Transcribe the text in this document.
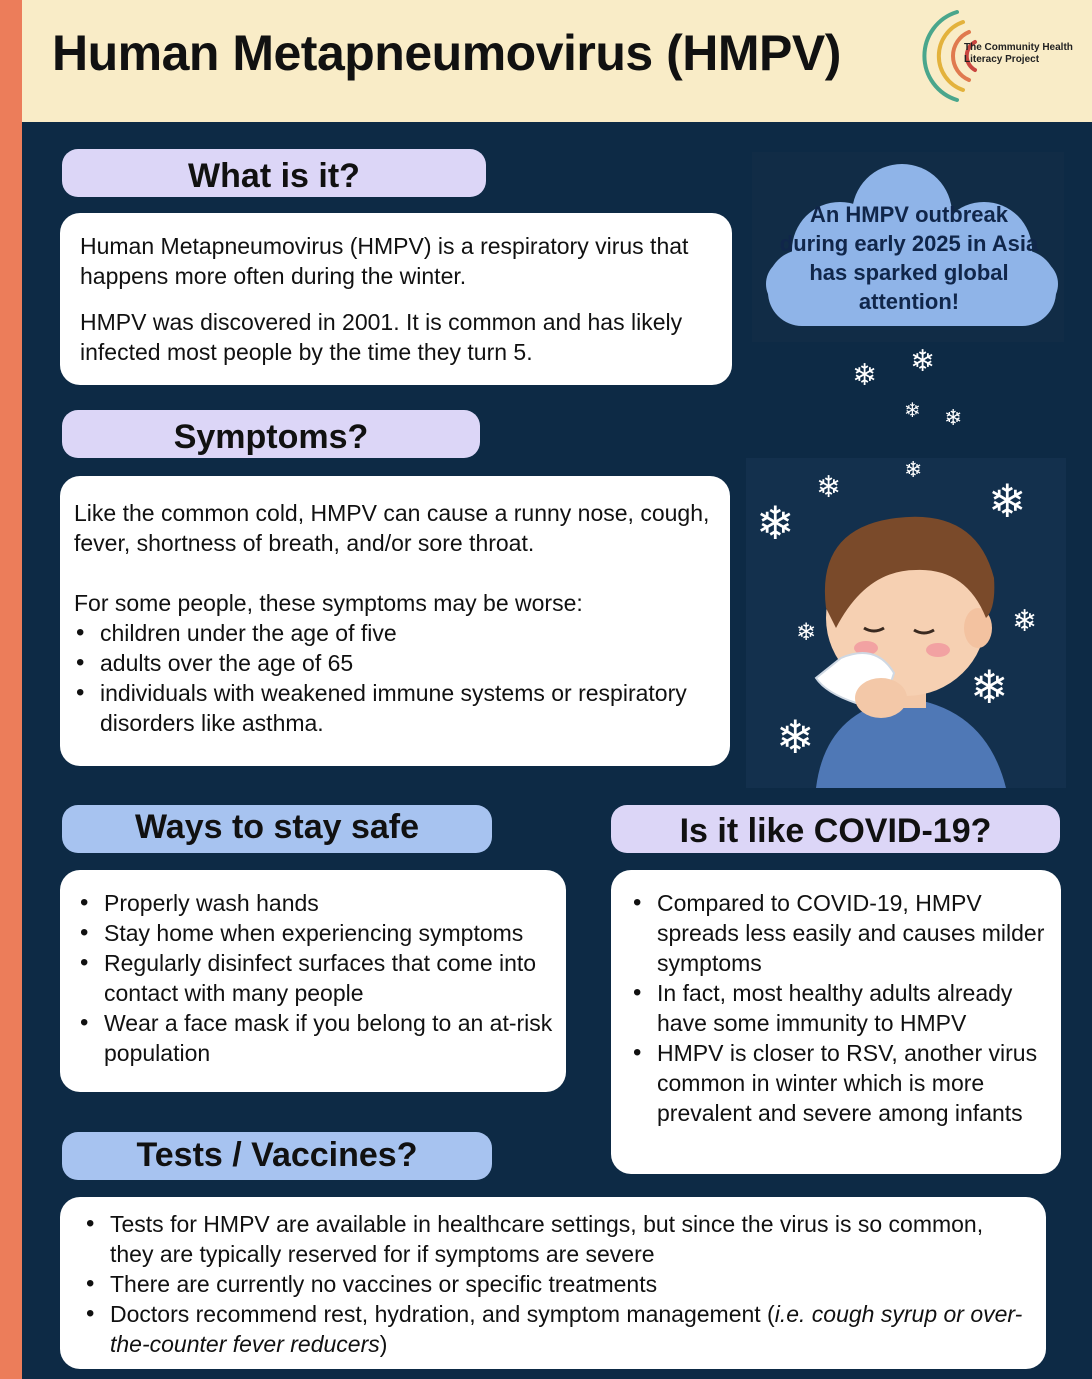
Human Metapneumovirus (HMPV)	The Community Health
Literacy Project
What is it?

Human Metapneumovirus (HMPV) is a respiratory virus that happens more often during the winter.

HMPV was discovered in 2001. It is common and has likely infected most people by the time they turn 5.

An HMPV outbreak during early 2025 in Asia has sparked global attention!
❄ ❄
❄ ❄
Symptoms?

Like the common cold, HMPV can cause a runny nose, cough, fever, shortness of breath, and/or sore throat.

For some people, these symptoms may be worse:

• children under the age of five
• adults over the age of 65
• individuals with weakened immune systems or respiratory disorders like asthma.
❄
❄	❄
❄
❄	❄
❄
❄
Ways to stay safe
• Properly wash hands
• Stay home when experiencing symptoms
• Regularly disinfect surfaces that come into contact with many people
• Wear a face mask if you belong to an at-risk population
Is it like COVID-19?
• Compared to COVID-19, HMPV spreads less easily and causes milder symptoms
• In fact, most healthy adults already have some immunity to HMPV
• HMPV is closer to RSV, another virus common in winter which is more prevalent and severe among infants
Tests / Vaccines?
• Tests for HMPV are available in healthcare settings, but since the virus is so common, they are typically reserved for if symptoms are severe
• There are currently no vaccines or specific treatments
• Doctors recommend rest, hydration, and symptom management (i.e. cough syrup or over-the-counter fever reducers)
